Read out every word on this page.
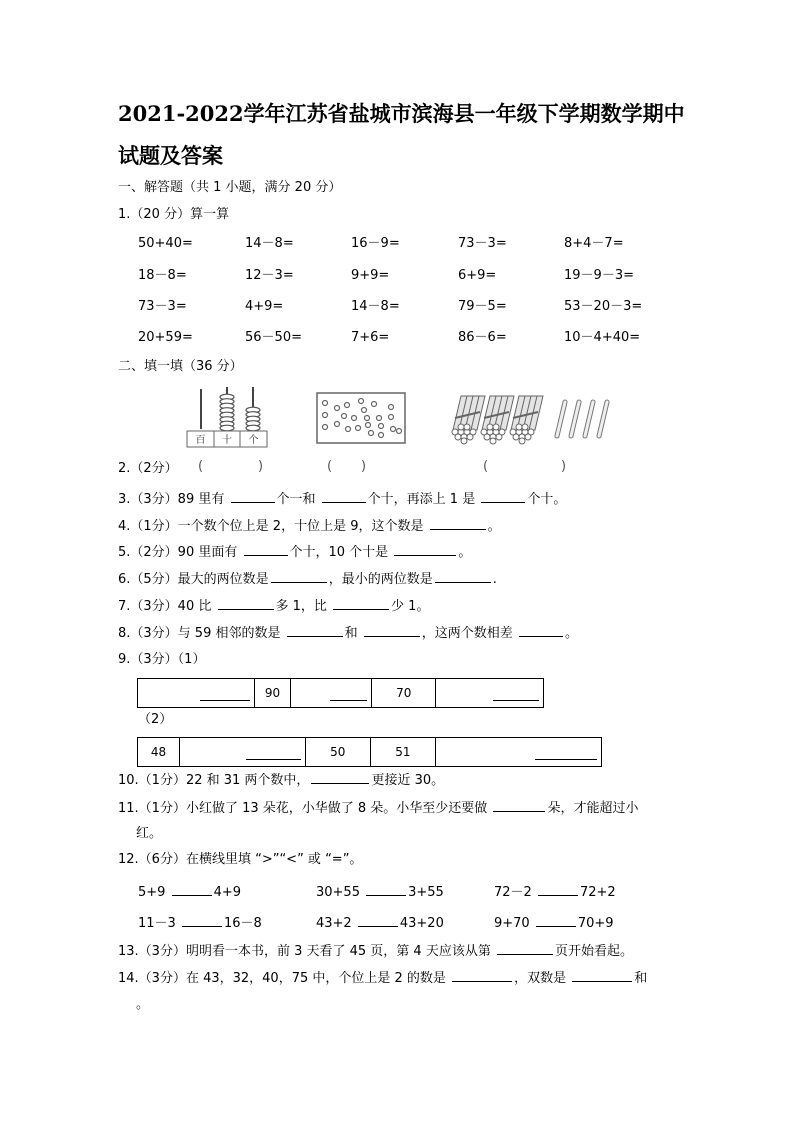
2021-2022学年江苏省盐城市滨海县一年级下学期数学期中
试题及答案
一、解答题（共 1 小题，满分 20 分）
1.（20 分）算一算
50+40=	14－8=	16－9=	73－3=	8+4－7=
18－8=	12－3=	9+9=	6+9=	19－9－3=
73－3=	4+9=	14－8=	79－5=	53－20－3=
20+59=	56－50=	7+6=	86－6=	10－4+40=
二、填一填（36 分）
百 十 个
2.（2分） (	)	( )	(	)
3.（3分）89 里有	个一和	个十，再添上 1 是	个十。
4.（1分）一个数个位上是 2，十位上是 9，这个数是	。
5.（2分）90 里面有	个十，10 个十是	。
6.（5分）最大的两位数是	，最小的两位数是	.
7.（3分）40 比	多 1，比	少 1。
8.（3分）与 59 相邻的数是	和	，这两个数相差	。
9.（3分）（1）
	90		70	
（2）
48		50	51	
10.（1分）22 和 31 两个数中，	更接近 30。
11.（1分）小红做了 13 朵花，小华做了 8 朵。小华至少还要做	朵，才能超过小
红。
12.（6分）在横线里填 “>”“<” 或 “=”。
5+9	4+9	30+55	3+55	72－2	72+2
11－3	16－8	43+2	43+20	9+70	70+9
13.（3分）明明看一本书，前 3 天看了 45 页，第 4 天应该从第	页开始看起。
14.（3分）在 43，32，40，75 中，个位上是 2 的数是	，双数是	和
。
